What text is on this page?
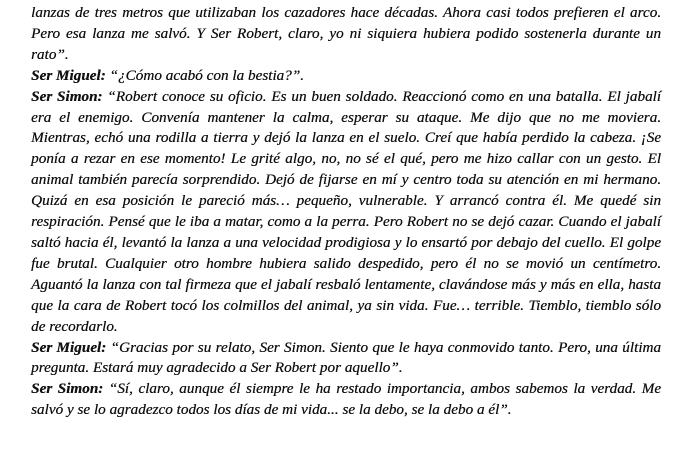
lanzas de tres metros que utilizaban los cazadores hace décadas. Ahora casi todos prefieren el arco. Pero esa lanza me salvó. Y Ser Robert, claro, yo ni siquiera hubiera podido sostenerla durante un rato”.

Ser Miguel: “¿Cómo acabó con la bestia?”.

Ser Simon: “Robert conoce su oficio. Es un buen soldado. Reaccionó como en una batalla. El jabalí era el enemigo. Convenía mantener la calma, esperar su ataque. Me dijo que no me moviera. Mientras, echó una rodilla a tierra y dejó la lanza en el suelo. Creí que había perdido la cabeza. ¡Se ponía a rezar en ese momento! Le grité algo, no, no sé el qué, pero me hizo callar con un gesto. El animal también parecía sorprendido. Dejó de fijarse en mí y centro toda su atención en mi hermano. Quizá en esa posición le pareció más… pequeño, vulnerable. Y arrancó contra él. Me quedé sin respiración. Pensé que le iba a matar, como a la perra. Pero Robert no se dejó cazar. Cuando el jabalí saltó hacia él, levantó la lanza a una velocidad prodigiosa y lo ensartó por debajo del cuello. El golpe fue brutal. Cualquier otro hombre hubiera salido despedido, pero él no se movió un centímetro. Aguantó la lanza con tal firmeza que el jabalí resbaló lentamente, clavándose más y más en ella, hasta que la cara de Robert tocó los colmillos del animal, ya sin vida. Fue… terrible. Tiemblo, tiemblo sólo de recordarlo.

Ser Miguel: “Gracias por su relato, Ser Simon. Siento que le haya conmovido tanto. Pero, una última pregunta. Estará muy agradecido a Ser Robert por aquello”.

Ser Simon: “Sí, claro, aunque él siempre le ha restado importancia, ambos sabemos la verdad. Me salvó y se lo agradezco todos los días de mi vida... se la debo, se la debo a él”.
